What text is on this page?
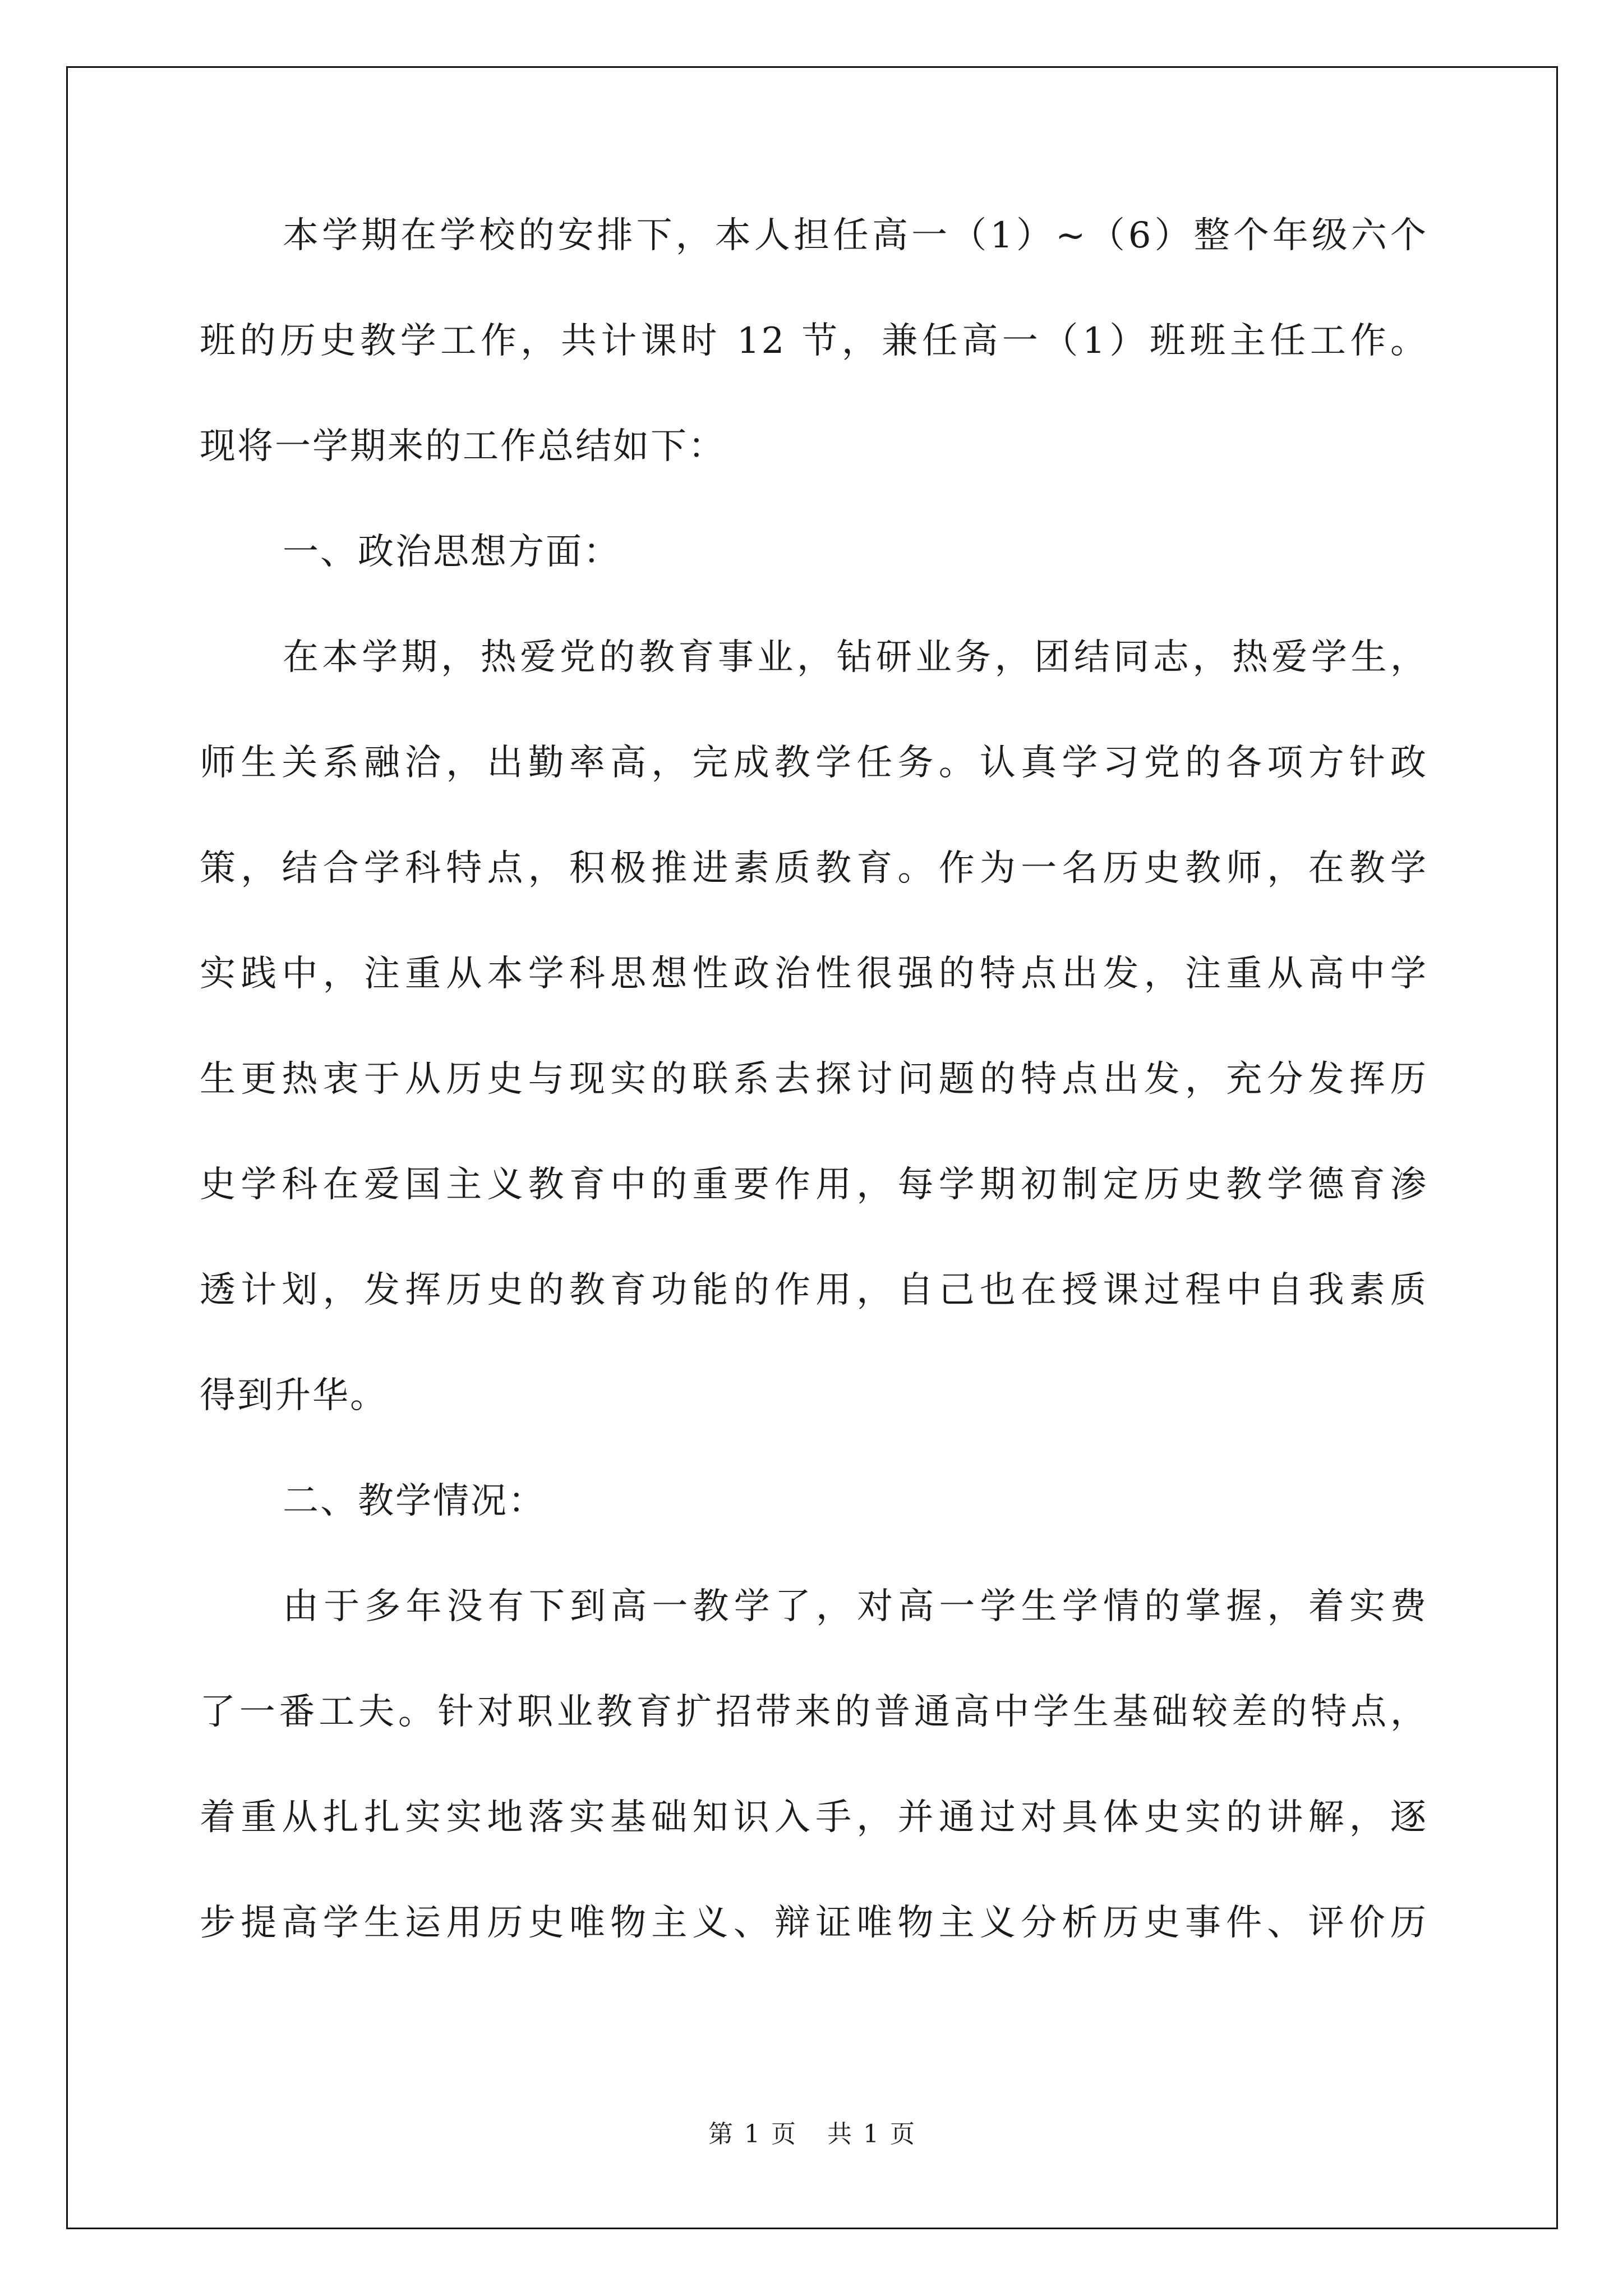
本学期在学校的安排下，本人担任高一（1）~（6）整个年级六个
班的历史教学工作，共计课时 12 节，兼任高一（1）班班主任工作。
现将一学期来的工作总结如下：
一、政治思想方面：
在本学期，热爱党的教育事业，钻研业务，团结同志，热爱学生，
师生关系融洽，出勤率高，完成教学任务。认真学习党的各项方针政
策，结合学科特点，积极推进素质教育。作为一名历史教师，在教学
实践中，注重从本学科思想性政治性很强的特点出发，注重从高中学
生更热衷于从历史与现实的联系去探讨问题的特点出发，充分发挥历
史学科在爱国主义教育中的重要作用，每学期初制定历史教学德育渗
透计划，发挥历史的教育功能的作用，自己也在授课过程中自我素质
得到升华。
二、教学情况：
由于多年没有下到高一教学了，对高一学生学情的掌握，着实费
了一番工夫。针对职业教育扩招带来的普通高中学生基础较差的特点，
着重从扎扎实实地落实基础知识入手，并通过对具体史实的讲解，逐
步提高学生运用历史唯物主义、辩证唯物主义分析历史事件、评价历
第 1 页 共 1 页
